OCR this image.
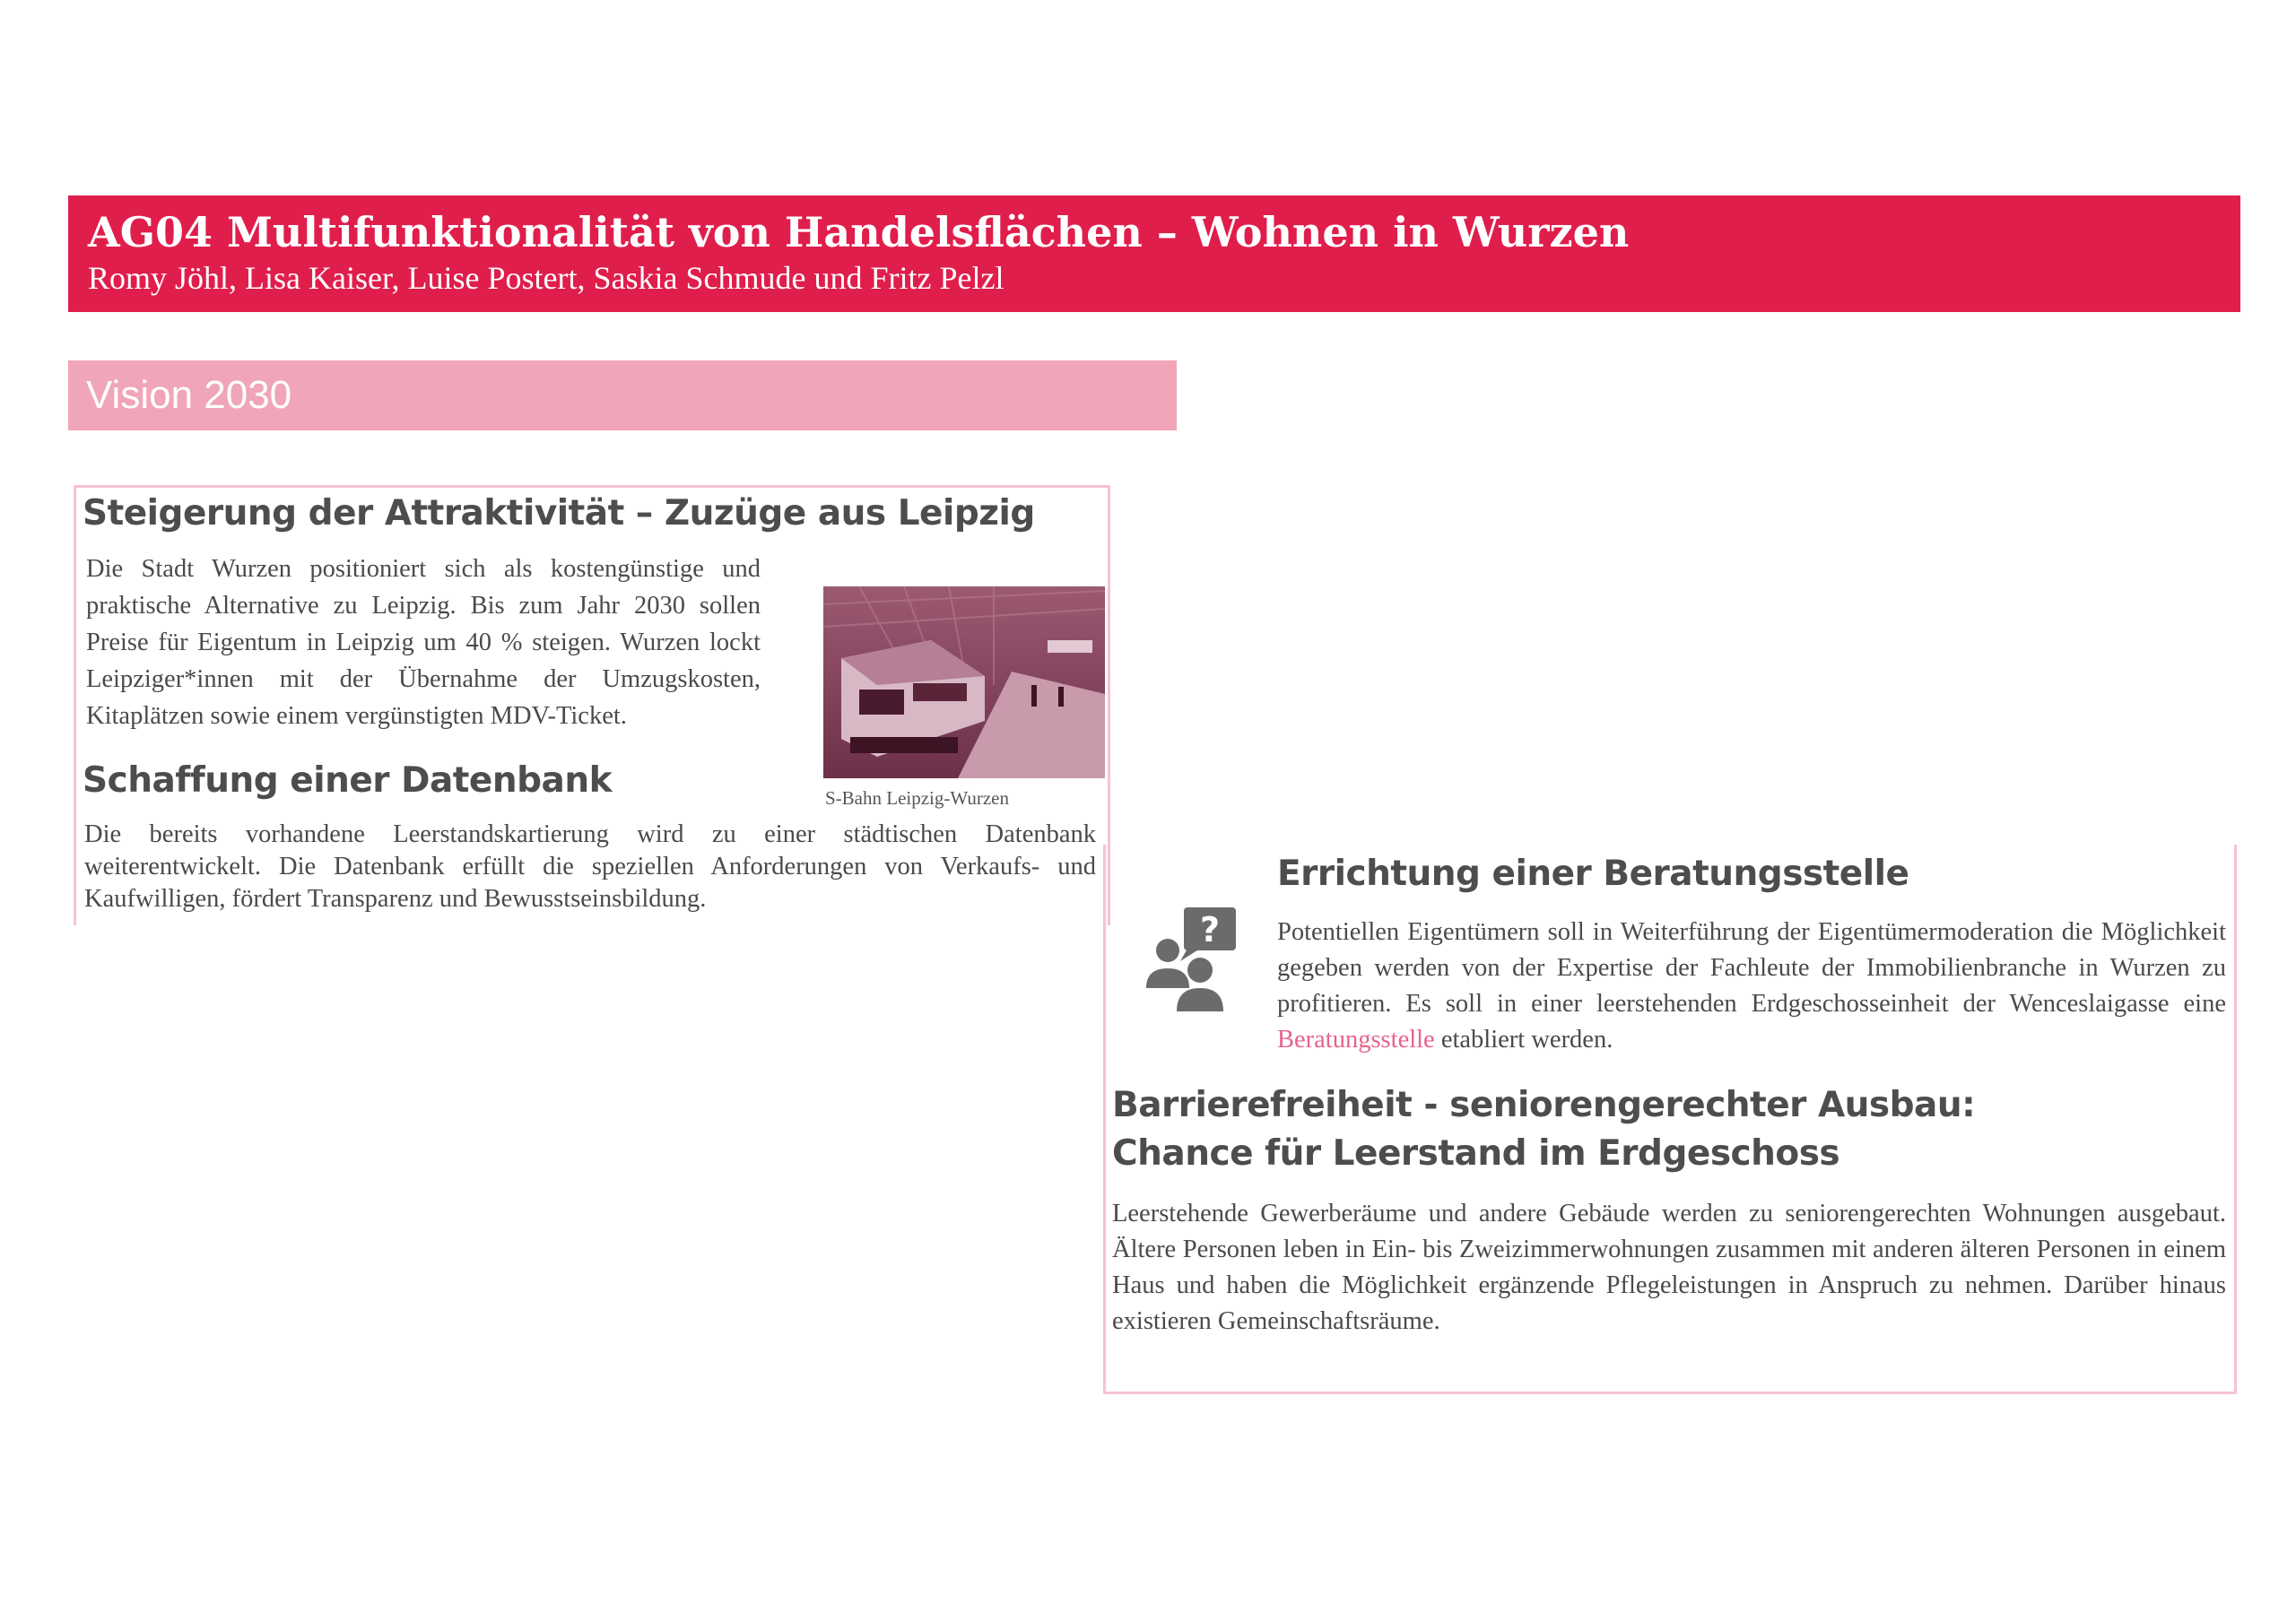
AG04 Multifunktionalität von Handelsflächen – Wohnen in Wurzen
Romy Jöhl, Lisa Kaiser, Luise Postert, Saskia Schmude und Fritz Pelzl
Vision 2030
Steigerung der Attraktivität – Zuzüge aus Leipzig
Die Stadt Wurzen positioniert sich als kostengünstige und praktische Alternative zu Leipzig. Bis zum Jahr 2030 sollen Preise für Eigentum in Leipzig um 40 % steigen. Wurzen lockt Leipziger*innen mit der Übernahme der Umzugskosten, Kitaplätzen sowie einem vergünstigten MDV-Ticket.
S-Bahn Leipzig-Wurzen
Schaffung einer Datenbank
Die bereits vorhandene Leerstandskartierung wird zu einer städtischen Datenbank weiterentwickelt. Die Datenbank erfüllt die speziellen Anforderungen von Verkaufs- und Kaufwilligen, fördert Transparenz und Bewusstseinsbildung.
?
Errichtung einer Beratungsstelle
Potentiellen Eigentümern soll in Weiterführung der Eigentümermoderation die Möglichkeit gegeben werden von der Expertise der Fachleute der Immobilienbranche in Wurzen zu profitieren. Es soll in einer leerstehenden Erdgeschosseinheit der Wenceslaigasse eine Beratungsstelle etabliert werden.
Barrierefreiheit - seniorengerechter Ausbau:
Chance für Leerstand im Erdgeschoss
Leerstehende Gewerberäume und andere Gebäude werden zu seniorengerechten Wohnungen ausgebaut. Ältere Personen leben in Ein- bis Zweizimmerwohnungen zusammen mit anderen älteren Personen in einem Haus und haben die Möglichkeit ergänzende Pflegeleistungen in Anspruch zu nehmen. Darüber hinaus existieren Gemeinschaftsräume.
